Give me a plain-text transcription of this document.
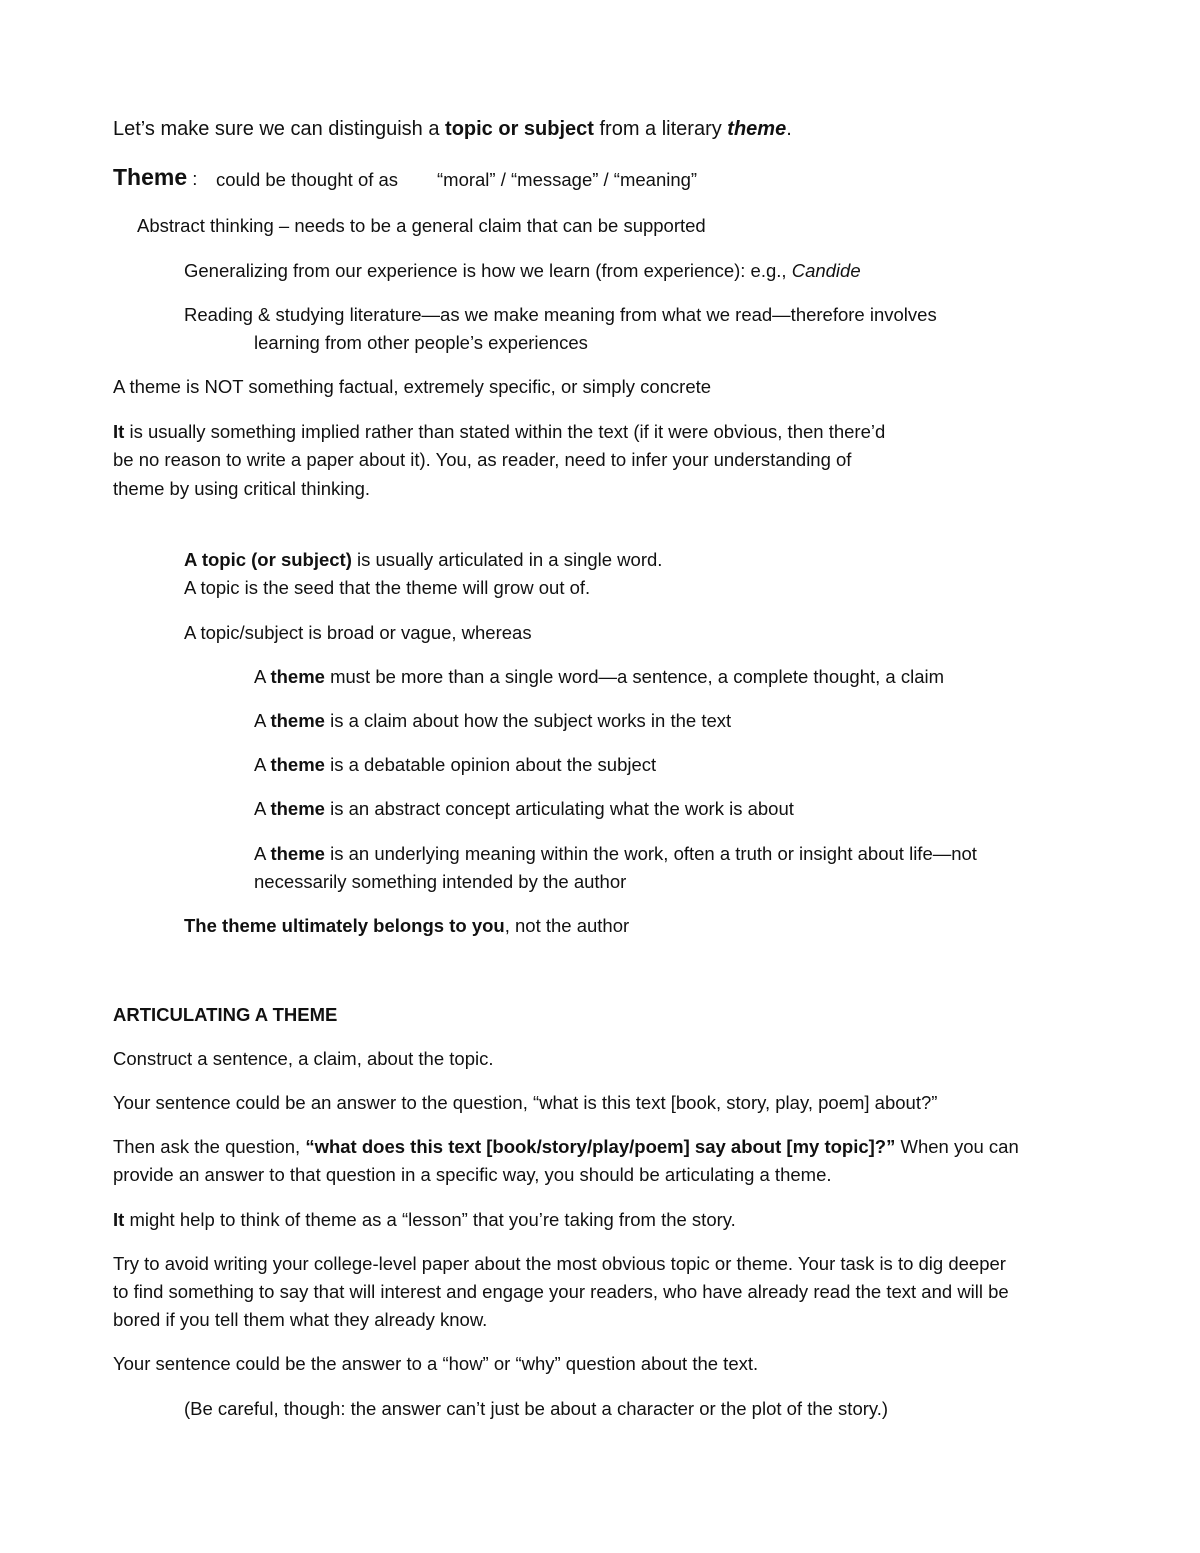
Let’s make sure we can distinguish a topic or subject from a literary theme.
Theme : could be thought of as “moral” / “message” / “meaning”
Abstract thinking – needs to be a general claim that can be supported
Generalizing from our experience is how we learn (from experience): e.g., Candide
Reading & studying literature—as we make meaning from what we read—therefore involves
learning from other people’s experiences
A theme is NOT something factual, extremely specific, or simply concrete
It is usually something implied rather than stated within the text (if it were obvious, then there’d
be no reason to write a paper about it). You, as reader, need to infer your understanding of
theme by using critical thinking.
A topic (or subject) is usually articulated in a single word.
A topic is the seed that the theme will grow out of.
A topic/subject is broad or vague, whereas
A theme must be more than a single word—a sentence, a complete thought, a claim
A theme is a claim about how the subject works in the text
A theme is a debatable opinion about the subject
A theme is an abstract concept articulating what the work is about
A theme is an underlying meaning within the work, often a truth or insight about life—not
necessarily something intended by the author
The theme ultimately belongs to you, not the author
ARTICULATING A THEME
Construct a sentence, a claim, about the topic.
Your sentence could be an answer to the question, “what is this text [book, story, play, poem] about?”
Then ask the question, “what does this text [book/story/play/poem] say about [my topic]?” When you can
provide an answer to that question in a specific way, you should be articulating a theme.
It might help to think of theme as a “lesson” that you’re taking from the story.
Try to avoid writing your college-level paper about the most obvious topic or theme. Your task is to dig deeper
to find something to say that will interest and engage your readers, who have already read the text and will be
bored if you tell them what they already know.
Your sentence could be the answer to a “how” or “why” question about the text.
(Be careful, though: the answer can’t just be about a character or the plot of the story.)
